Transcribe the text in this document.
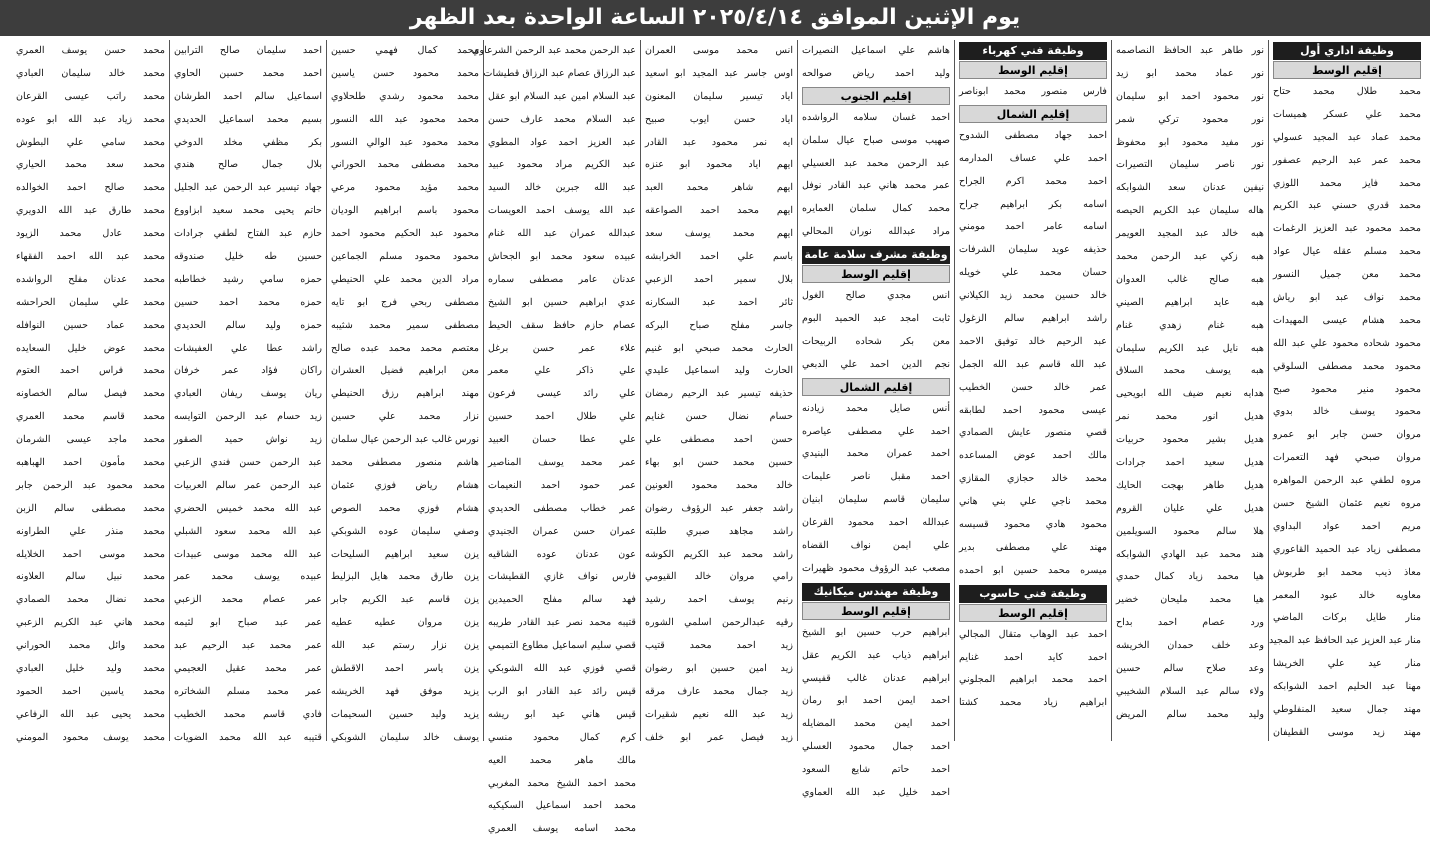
يوم الإثنين الموافق ٢٠٢٥/٤/١٤ الساعة الواحدة بعد الظهر
وظيفة اداري أول
إقليم الوسط
محمد طلال محمد حتاح
محمد علي عسكر هميسات
محمد عماد عبد المجيد عسولي
محمد عمر عبد الرحيم عصفور
محمد فايز محمد اللوزي
محمد قدري حسني عبد الكريم
محمد محمود عبد العزيز الرغمات
محمد مسلم عقله عيال عواد
محمد معن جميل النسور
محمد نواف عبد ابو رياش
محمد هشام عيسى المهيدات
محمود شحاده محمود علي عبد الله
محمود محمد مصطفى السلوقي
محمود منير محمود صبح
محمود يوسف خالد بدوي
مروان حسن جابر ابو عمرو
مروان صبحي فهد التعمرات
مروه لطفي عبد الرحمن المواهره
مروه نعيم عثمان الشيخ حسن
مريم احمد عواد البداوي
مصطفى زياد عبد الحميد القاعوري
معاذ ذيب محمد ابو طربوش
معاويه خالد عبود المعمر
منار طايل بركات الماضي
منار عبد العزيز عبد الحافظ عبد المجيد
منار عيد علي الخريشا
مهنا عبد الحليم احمد الشوابكه
مهند جمال سعيد المنفلوطي
مهند زيد موسى القطيفان
نور طاهر عبد الحافظ النصاصمه
نور عماد محمد ابو زيد
نور محمود احمد ابو سليمان
نور محمود تركي شمر
نور مفيد محمود ابو محفوظ
نور ناصر سليمان التصيرات
نيفين عدنان سعد الشوابكه
هاله سليمان عبد الكريم الحيصه
هبه خالد عبد المجيد العويمر
هبه زكي عبد الرحمن محمد
هبه صالح غالب العدوان
هبه عايد ابراهيم الصيني
هبه غنام زهدي غنام
هبه نايل عبد الكريم سليمان
هبه يوسف محمد السلاق
هدايه نعيم ضيف الله ابويحيى
هديل انور محمد نمر
هديل بشير محمود حربيات
هديل سعيد احمد جرادات
هديل طاهر بهجت الحايك
هديل علي عليان القروم
هلا سالم محمود السويلمين
هند محمد عبد الهادي الشوابكه
هيا محمد زياد كمال حمدي
هيا محمد مليحان خضير
ورد عصام احمد بداح
وعد خلف حمدان الخريشه
وعد صلاح سالم حسين
ولاء سالم عبد السلام الشخيبي
وليد محمد سالم المريض
وظيفة فني كهرباء
إقليم الوسط
فارس منصور محمد ابوناصر
إقليم الشمال
احمد جهاد مصطفى الشدوح
احمد علي عساف المدارمه
احمد محمد اكرم الجراح
اسامه بكر ابراهيم جراح
اسامه عامر احمد مومني
حذيفه عويد سليمان الشرفات
حسان محمد علي خويله
خالد حسين محمد زيد الكيلاني
راشد ابراهيم سالم الزغول
عبد الرحيم خالد توفيق الاحمد
عبد الله قاسم عبد الله الجمل
عمر خالد حسن الخطيب
عيسى محمود احمد لطابقه
قصي منصور عايش الصمادي
مالك احمد عوض المساعده
محمد خالد حجازي المقازي
محمد ناجي علي بني هاني
محمود هادي محمود قسيسه
مهند علي مصطفى بدير
ميسره محمد حسين ابو احمده
وظيفة فني حاسوب
إقليم الوسط
احمد عبد الوهاب متقال المجالي
احمد كايد احمد غنايم
احمد محمد ابراهيم المجلوني
ابراهيم زياد محمد كشتا
هاشم علي اسماعيل النصيرات
وليد احمد رياض صوالحه
إقليم الجنوب
احمد غسان سلامه الرواشده
صهيب موسى صباح عيال سلمان
عبد الرحمن محمد عبد العسيلي
عمر محمد هاني عبد القادر نوفل
محمد كمال سلمان العمايره
مراد عبدالله نوران المحالي
وظيفة مشرف سلامة عامة
إقليم الوسط
انس مجدي صالح الغول
ثابت امجد عبد الحميد البوم
معن بكر شحاده الربيحات
نجم الدين احمد علي الدبعي
إقليم الشمال
أنس صايل محمد زيادنه
احمد علي مصطفى عياصره
احمد عمران محمد البنيدي
احمد مقبل ناصر عليمات
سليمان قاسم سليمان ابنيان
عبدالله احمد محمود القرعان
علي ايمن نواف القضاه
مصعب عبد الرؤوف محمود ظهيرات
وظيفة مهندس ميكانيك
إقليم الوسط
ابراهيم حرب حسين ابو الشيخ
ابراهيم ذياب عبد الكريم عقل
ابراهيم عدنان غالب قفيسي
احمد ايمن احمد ابو رمان
احمد ايمن محمد المضايله
احمد جمال محمود العسلي
احمد حاتم شايع السعود
احمد خليل عبد الله العماوي
انس محمد موسى العمران
اوس جاسر عبد المجيد ابو اسعيد
اياد تيسير سليمان المعنون
اياد حسن ايوب صبيح
ايه نمر محمود عبد القادر
ايهم اياد محمود ابو عنزه
ايهم شاهر محمد العبد
ايهم محمد احمد الصواعقه
ايهم محمد يوسف سعد
باسم علي احمد الخرابشه
بلال سمير احمد الزعبي
ثائر احمد عبد السكارنه
جاسر مفلح صباح البركه
الحارث محمد صبحي ابو غنيم
الحارث وليد اسماعيل عليدي
حذيفه تيسير عبد الرحيم رمضان
حسام نضال حسن غنايم
حسن احمد مصطفى علي
حسين محمد حسن ابو بهاء
خالد محمد محمود العونين
راشد جعفر عبد الرؤوف رضوان
راشد مجاهد صبري طلبته
راشد محمد عبد الكريم الكوشه
رامي مروان خالد القيومي
رنيم يوسف احمد رشيد
رقيه عبدالرحمن اسلمي الشوره
زيد احمد محمد قتيب
زيد امين حسين ابو رضوان
زيد جمال محمد عارف مرقه
زيد عبد الله نعيم شقيرات
زيد فيصل عمر ابو خلف
عبد الرحمن محمد عبد الرحمن الشرعاوي
عبد الرزاق عصام عبد الرزاق قطيشات
عبد السلام امين عبد السلام ابو عقل
عبد السلام محمد عارف حسن
عبد العزيز احمد عواد المطوي
عبد الكريم مراد محمود عبيد
عبد الله جبرين خالد السيد
عبد الله يوسف احمد العويسات
عبدالله عمران عبد الله غنام
عبيده سعود محمد ابو الجحاش
عدنان عامر مصطفى سماره
عدي ابراهيم حسين ابو الشيخ
عصام حازم حافظ سقف الحيط
علاء عمر حسن برغل
علي ذاكر علي معمر
علي رائد عيسى فرعون
علي طلال احمد حسين
علي عطا حسان العبيد
عمر محمد يوسف المناصير
عمر حمود احمد النعيمات
عمر خطاب مصطفى الحديدي
عمران حسن عمران الجنيدي
عون عدنان عوده الشاقيه
فارس نواف غازي القطيشات
فهد سالم مفلح الحميدين
قتيبه محمد نصر عبد القادر طريبه
قصي سليم اسماعيل مطاوع التميمي
قصي فوزي عبد الله الشوبكي
قيس رائد عبد القادر ابو الرب
قيس هاني عيد ابو ريشه
كرم كمال محمود منسي
مالك ماهر محمد العيه
محمد احمد الشيخ محمد المغربي
محمد احمد اسماعيل السكيكيه
محمد اسامه يوسف العمري
محمد كمال فهمي حسين
محمد محمود حسن ياسين
محمد محمود رشدي طلحلاوي
محمد محمود عبد الله النسور
محمد محمود عبد الوالي النسور
محمد مصطفى محمد الحوراني
محمد مؤيد محمود مرعي
محمود باسم ابراهيم الوديان
محمود عبد الحكيم محمود احمد
محمود محمود مسلم الجماعين
مراد الدين محمد علي الحنيطي
مصطفى ربحي فرج ابو تايه
مصطفى سمير محمد شثيبه
معتصم محمد محمد عبده صالح
معن ابراهيم فضيل العشران
مهند ابراهيم رزق الحنيطي
نزار محمد علي حسين
نورس غالب عبد الرحمن عيال سلمان
هاشم منصور مصطفى محمد
هشام رياض فوزي عثمان
هشام فوزي محمد الصوص
وصفي سليمان عوده الشوبكي
يزن سعيد ابراهيم السليحات
يزن طارق محمد هايل البزليط
يزن قاسم عبد الكريم جابر
يزن مروان عطيه عطيه
يزن نزار رستم عبد الله
يزن ياسر احمد الاقطش
يزيد موفق فهد الخريشه
يزيد وليد حسين السحيمات
يوسف خالد سليمان الشوبكي
احمد سليمان صالح الترابين
احمد محمد حسين الحاوي
اسماعيل سالم احمد الطرشان
بسيم محمد اسماعيل الحديدي
بكر مظفي مخلد الدوخي
بلال جمال صالح هندي
جهاد تيسير عبد الرحمن عبد الجليل
حاتم يحيى محمد سعيد ابزاووع
حازم عبد الفتاح لطفي جرادات
حسين طه خليل صندوقه
حمزه سامي رشيد خطاطبه
حمزه محمد احمد حسين
حمزه وليد سالم الحديدي
راشد عطا علي العفيشات
راكان فؤاد عمر خرفان
ريان يوسف ريفان العبادي
زيد حسام عبد الرحمن التوايسه
زيد نواش حميد الصقور
عبد الرحمن حسن فندي الزعبي
عبد الرحمن عمر سالم العربيات
عبد الله محمد خميس الحضري
عبد الله محمد سعود الشبلي
عبد الله محمد موسى عبيدات
عبيده يوسف محمد عمر
عمر عصام محمد الزعبي
عمر عبد صباح ابو لثيمه
عمر محمد عبد الرحيم عبد
عمر محمد عقيل العجيمي
عمر محمد مسلم الشخاتره
فادي قاسم محمد الخطيب
قتيبه عبد الله محمد الضويات
محمد حسن يوسف العمري
محمد خالد سليمان العبادي
محمد راتب عيسى القرعان
محمد زياد عبد الله ابو عوده
محمد سامي علي البطوش
محمد سعد محمد الحياري
محمد صالح احمد الخوالده
محمد طارق عبد الله الدويري
محمد عادل محمد الزيود
محمد عبد الله احمد الفقهاء
محمد عدنان مفلح الرواشده
محمد علي سليمان الحراحشه
محمد عماد حسين النوافله
محمد عوض خليل السعايده
محمد فراس احمد العتوم
محمد فيصل سالم الخصاونه
محمد قاسم محمد العمري
محمد ماجد عيسى الشرمان
محمد مأمون احمد الهباهبه
محمد محمود عبد الرحمن جابر
محمد مصطفى سالم الزبن
محمد منذر علي الطراونه
محمد موسى احمد الخلايله
محمد نبيل سالم العلاونه
محمد نضال محمد الصمادي
محمد هاني عبد الكريم الزعبي
محمد وائل محمد الحوراني
محمد وليد خليل العبادي
محمد ياسين احمد الحمود
محمد يحيى عبد الله الرفاعي
محمد يوسف محمود المومني
